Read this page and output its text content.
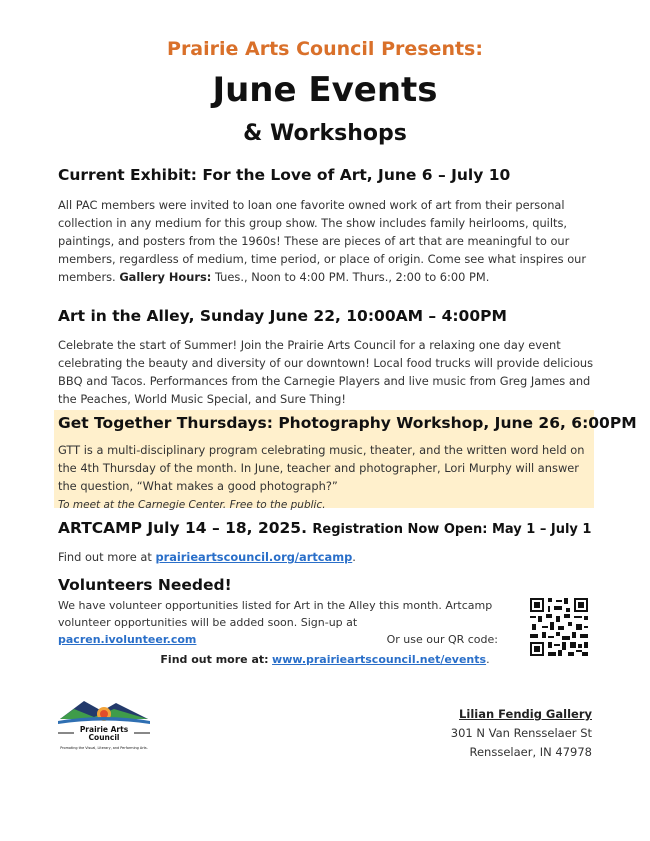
Prairie Arts Council Presents:
June Events
& Workshops
Current Exhibit: For the Love of Art, June 6 – July 10
All PAC members were invited to loan one favorite owned work of art from their personal collection in any medium for this group show. The show includes family heirlooms, quilts, paintings, and posters from the 1960s! These are pieces of art that are meaningful to our members, regardless of medium, time period, or place of origin. Come see what inspires our members. Gallery Hours: Tues., Noon to 4:00 PM. Thurs., 2:00 to 6:00 PM.
Art in the Alley, Sunday June 22, 10:00AM – 4:00PM
Celebrate the start of Summer! Join the Prairie Arts Council for a relaxing one day event celebrating the beauty and diversity of our downtown! Local food trucks will provide delicious BBQ and Tacos. Performances from the Carnegie Players and live music from Greg James and the Peaches, World Music Special, and Sure Thing!
Get Together Thursdays: Photography Workshop, June 26, 6:00PM
GTT is a multi-disciplinary program celebrating music, theater, and the written word held on the 4th Thursday of the month. In June, teacher and photographer, Lori Murphy will answer the question, “What makes a good photograph?”
To meet at the Carnegie Center. Free to the public.
ARTCAMP July 14 – 18, 2025. Registration Now Open: May 1 – July 1
Find out more at prairieartscouncil.org/artcamp.
Volunteers Needed!
We have volunteer opportunities listed for Art in the Alley this month. Artcamp volunteer opportunities will be added soon. Sign-up at pacren.ivolunteer.com	Or use our QR code:
Find out more at: www.prairieartscouncil.net/events.
Prairie Arts
Council
Promoting the Visual, Literary, and Performing Arts.
Lilian Fendig Gallery
301 N Van Rensselaer St
Rensselaer, IN 47978
